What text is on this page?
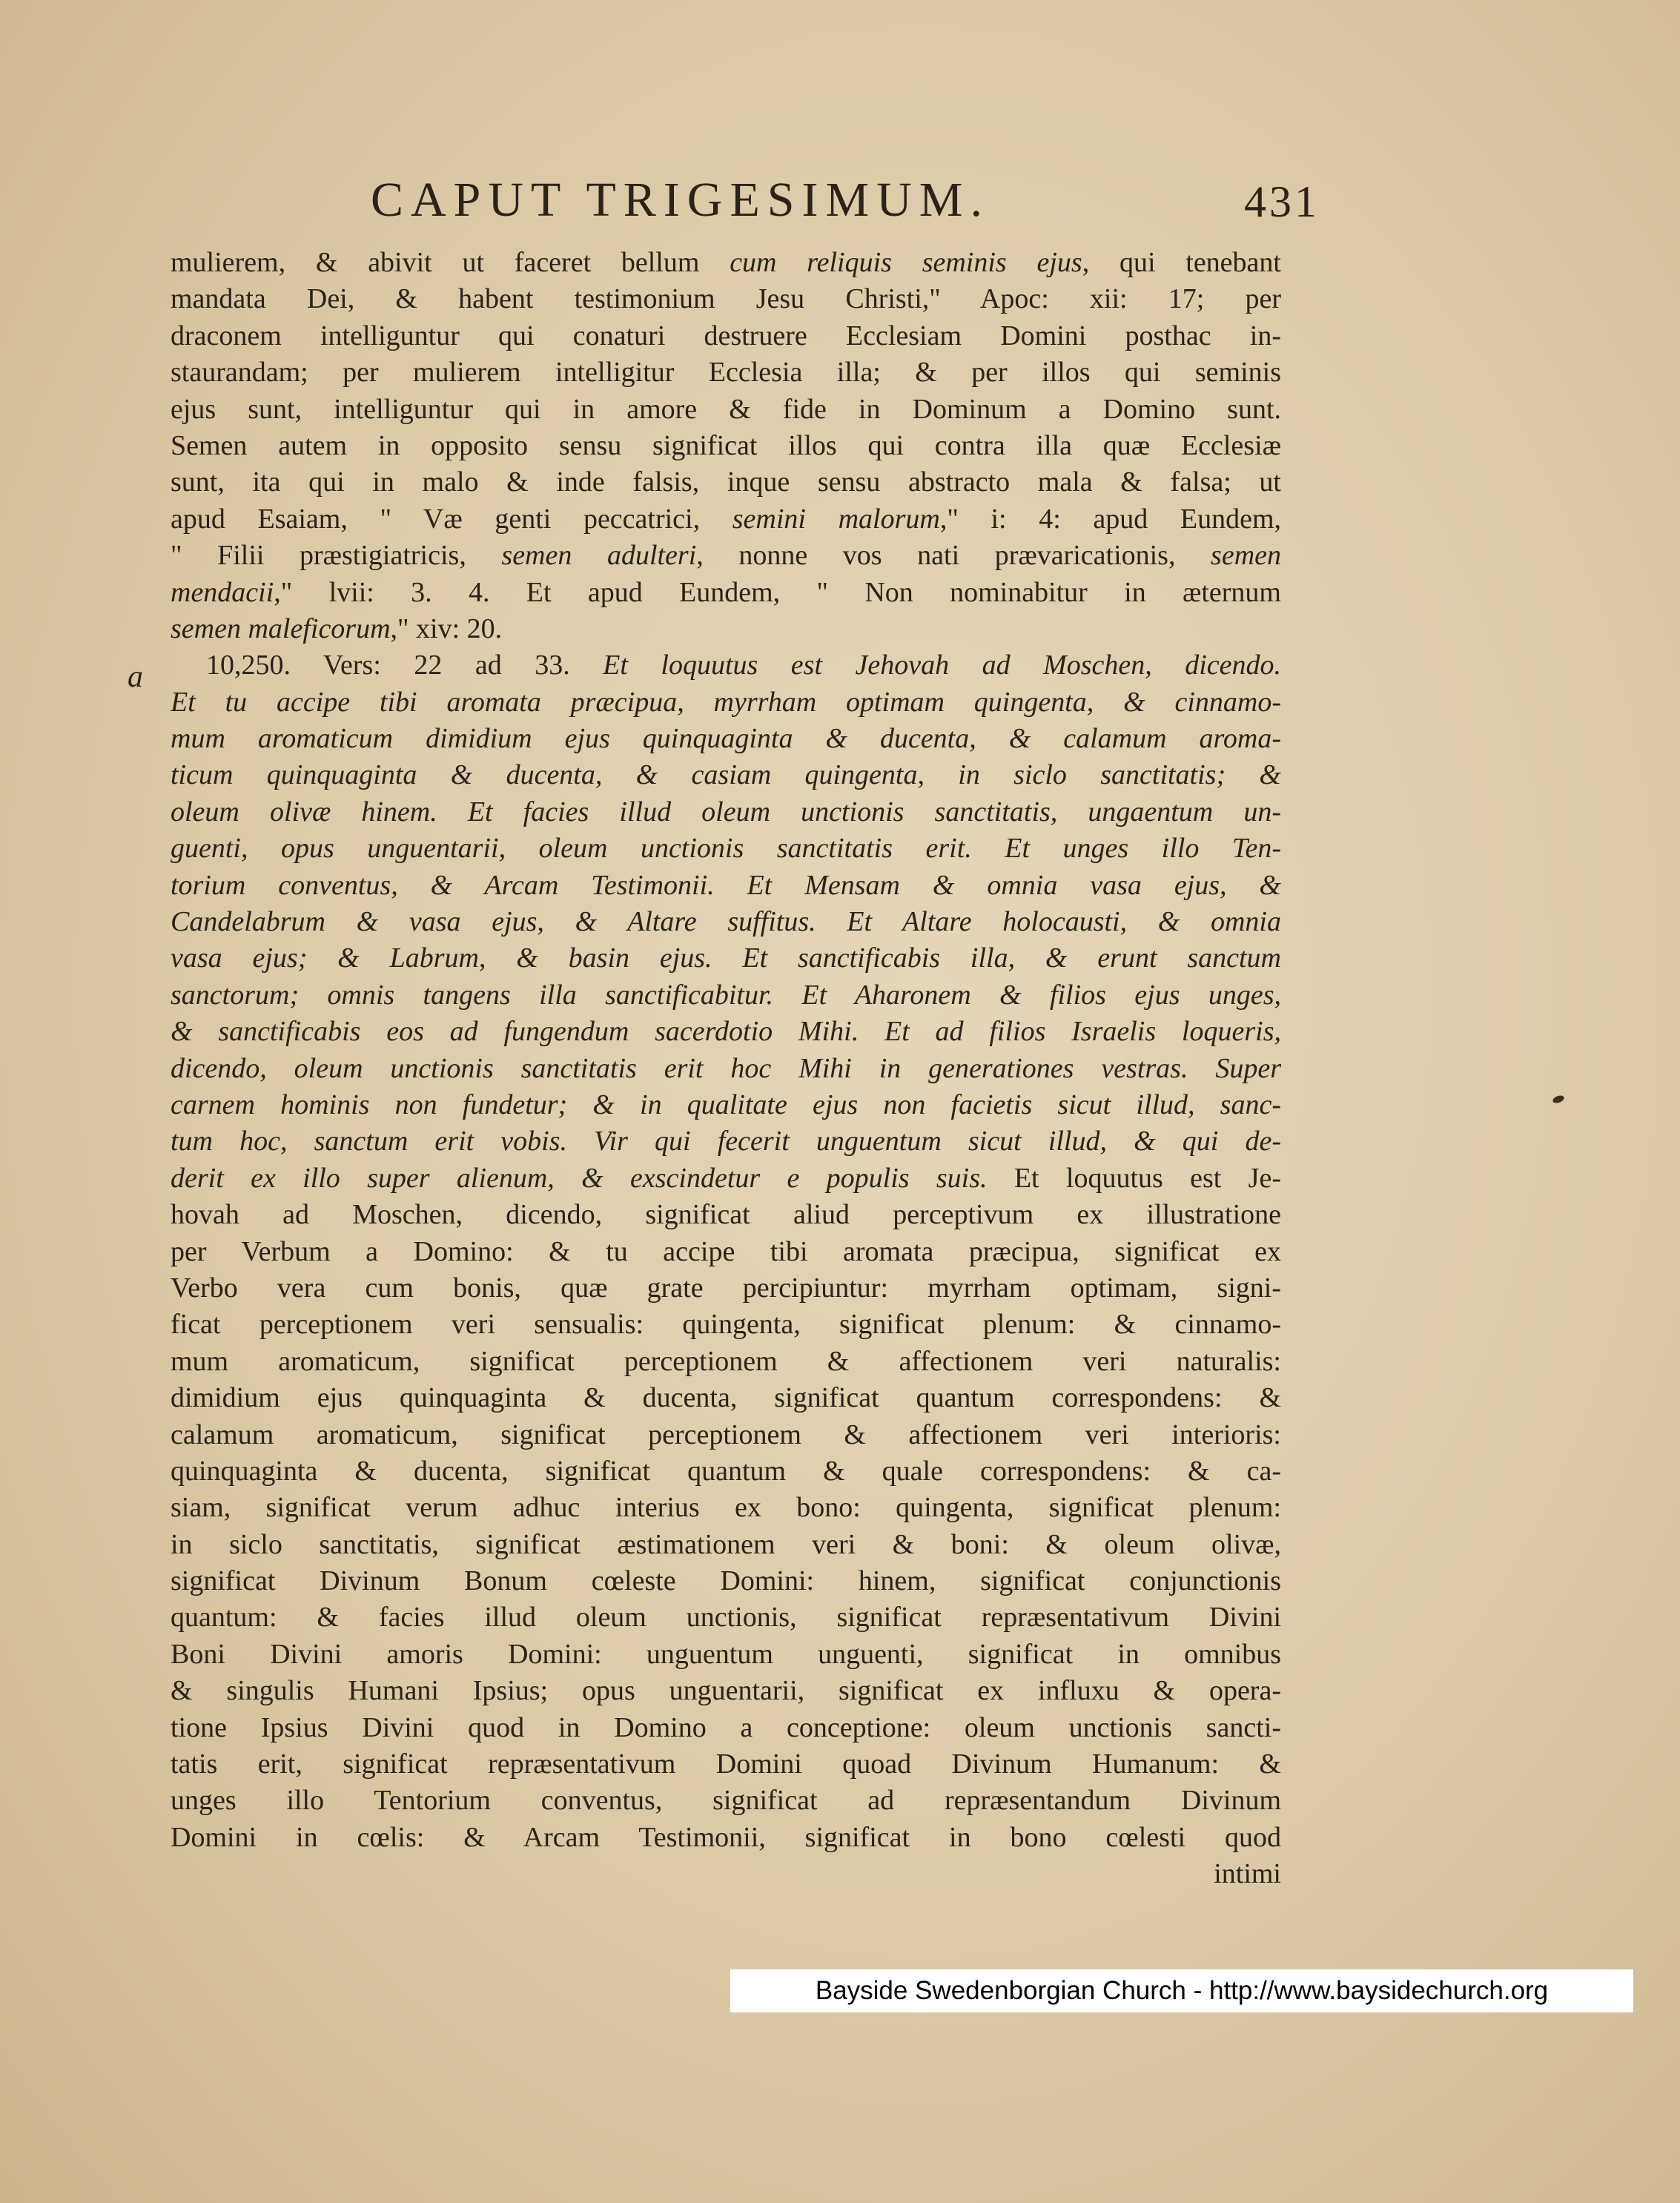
CAPUT TRIGESIMUM.	431
a
mulierem, & abivit ut faceret bellum cum reliquis seminis ejus, qui tenebant
mandata Dei, & habent testimonium Jesu Christi," Apoc: xii: 17; per
draconem intelliguntur qui conaturi destruere Ecclesiam Domini posthac in-
staurandam; per mulierem intelligitur Ecclesia illa; & per illos qui seminis
ejus sunt, intelliguntur qui in amore & fide in Dominum a Domino sunt.
Semen autem in opposito sensu significat illos qui contra illa quæ Ecclesiæ
sunt, ita qui in malo & inde falsis, inque sensu abstracto mala & falsa; ut
apud Esaiam, " Væ genti peccatrici, semini malorum," i: 4: apud Eundem,
" Filii præstigiatricis, semen adulteri, nonne vos nati prævaricationis, semen
mendacii," lvii: 3. 4. Et apud Eundem, " Non nominabitur in æternum
semen maleficorum," xiv: 20.
10,250. Vers: 22 ad 33. Et loquutus est Jehovah ad Moschen, dicendo.
Et tu accipe tibi aromata præcipua, myrrham optimam quingenta, & cinnamo-
mum aromaticum dimidium ejus quinquaginta & ducenta, & calamum aroma-
ticum quinquaginta & ducenta, & casiam quingenta, in siclo sanctitatis; &
oleum olivæ hinem. Et facies illud oleum unctionis sanctitatis, ungaentum un-
guenti, opus unguentarii, oleum unctionis sanctitatis erit. Et unges illo Ten-
torium conventus, & Arcam Testimonii. Et Mensam & omnia vasa ejus, &
Candelabrum & vasa ejus, & Altare suffitus. Et Altare holocausti, & omnia
vasa ejus; & Labrum, & basin ejus. Et sanctificabis illa, & erunt sanctum
sanctorum; omnis tangens illa sanctificabitur. Et Aharonem & filios ejus unges,
& sanctificabis eos ad fungendum sacerdotio Mihi. Et ad filios Israelis loqueris,
dicendo, oleum unctionis sanctitatis erit hoc Mihi in generationes vestras. Super
carnem hominis non fundetur; & in qualitate ejus non facietis sicut illud, sanc-
tum hoc, sanctum erit vobis. Vir qui fecerit unguentum sicut illud, & qui de-
derit ex illo super alienum, & exscindetur e populis suis. Et loquutus est Je-
hovah ad Moschen, dicendo, significat aliud perceptivum ex illustratione
per Verbum a Domino: & tu accipe tibi aromata præcipua, significat ex
Verbo vera cum bonis, quæ grate percipiuntur: myrrham optimam, signi-
ficat perceptionem veri sensualis: quingenta, significat plenum: & cinnamo-
mum aromaticum, significat perceptionem & affectionem veri naturalis:
dimidium ejus quinquaginta & ducenta, significat quantum correspondens: &
calamum aromaticum, significat perceptionem & affectionem veri interioris:
quinquaginta & ducenta, significat quantum & quale correspondens: & ca-
siam, significat verum adhuc interius ex bono: quingenta, significat plenum:
in siclo sanctitatis, significat æstimationem veri & boni: & oleum olivæ,
significat Divinum Bonum cœleste Domini: hinem, significat conjunctionis
quantum: & facies illud oleum unctionis, significat repræsentativum Divini
Boni Divini amoris Domini: unguentum unguenti, significat in omnibus
& singulis Humani Ipsius; opus unguentarii, significat ex influxu & opera-
tione Ipsius Divini quod in Domino a conceptione: oleum unctionis sancti-
tatis erit, significat repræsentativum Domini quoad Divinum Humanum: &
unges illo Tentorium conventus, significat ad repræsentandum Divinum
Domini in cœlis: & Arcam Testimonii, significat in bono cœlesti quod
intimi
Bayside Swedenborgian Church - http://www.baysidechurch.org
